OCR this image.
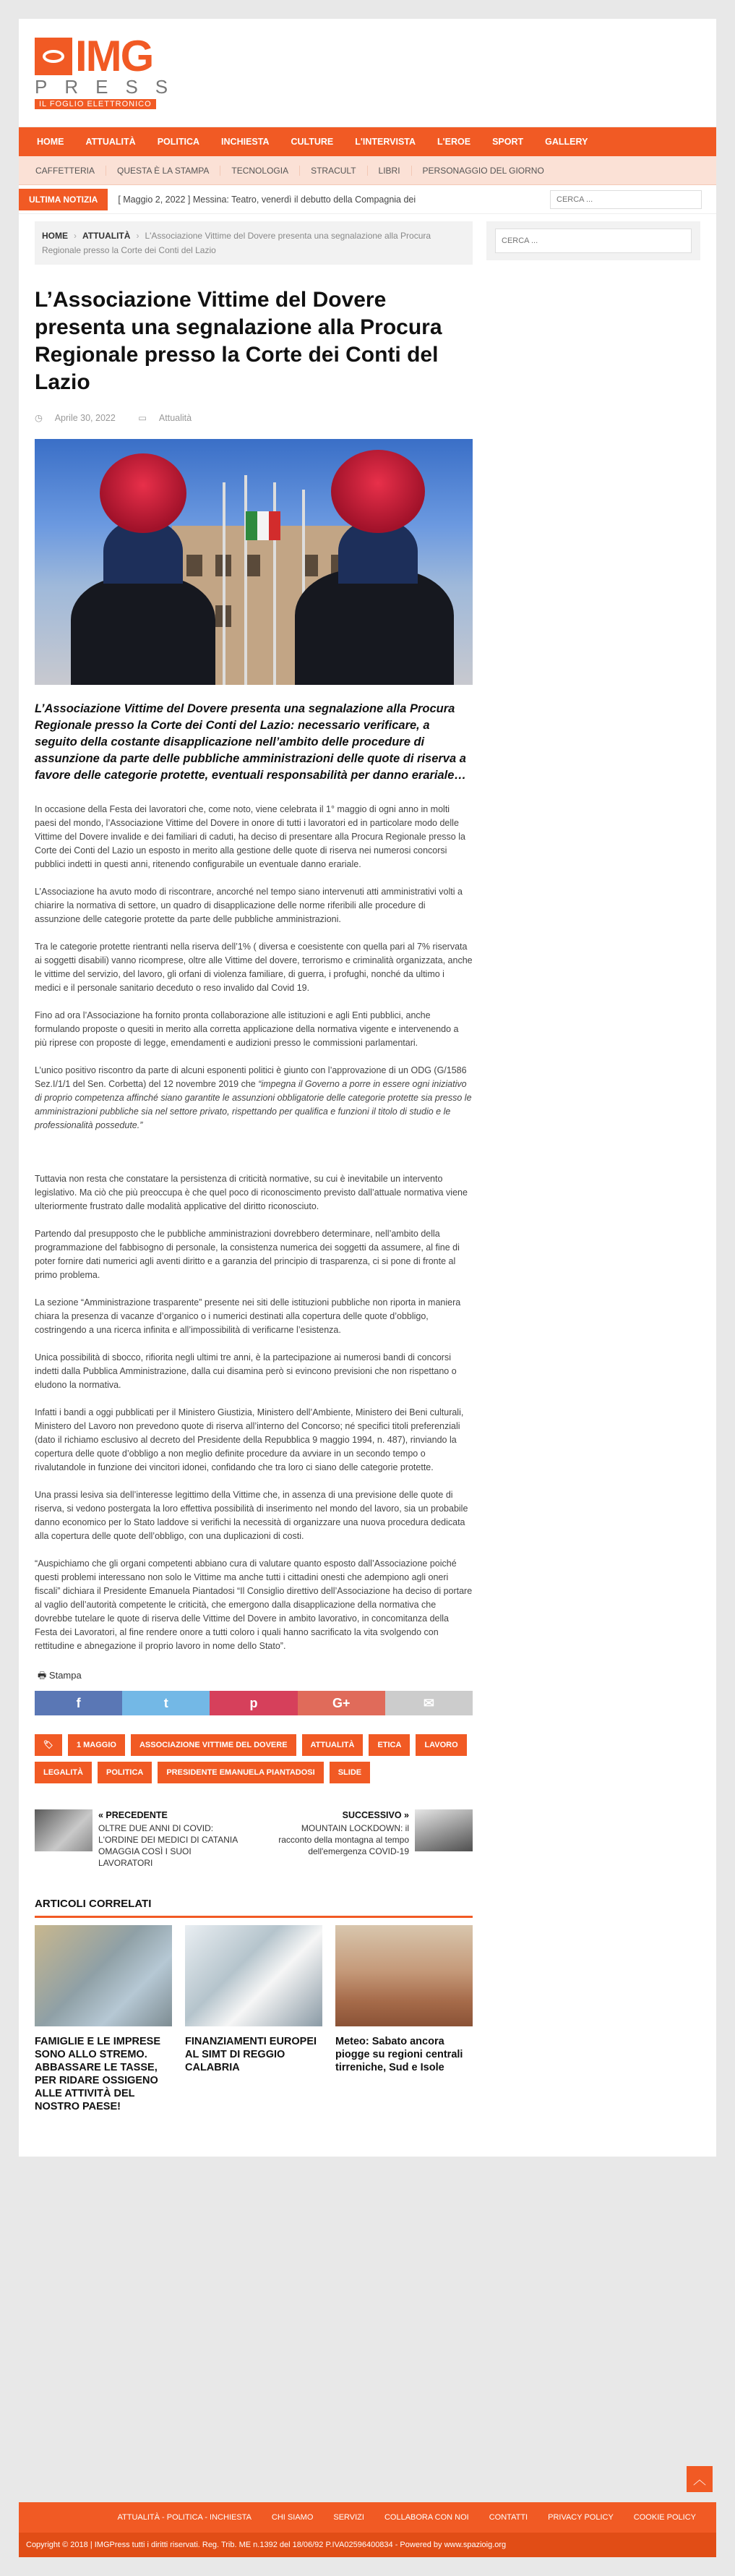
IMG
PRESS
IL FOGLIO ELETTRONICO
HOME	ATTUALITÀ	POLITICA	INCHIESTA	CULTURE	L'INTERVISTA	L'EROE	SPORT	GALLERY
CAFFETTERIA	QUESTA È LA STAMPA	TECNOLOGIA	STRACULT	LIBRI	PERSONAGGIO DEL GIORNO
ULTIMA NOTIZIA	[ Maggio 2, 2022 ] Messina: Teatro, venerdì il debutto della Compagnia dei
CERCA ...
HOME › ATTUALITÀ › L'Associazione Vittime del Dovere presenta una segnalazione alla Procura Regionale presso la Corte dei Conti del Lazio
L’Associazione Vittime del Dovere presenta una segnalazione alla Procura Regionale presso la Corte dei Conti del Lazio
◷ Aprile 30, 2022	▭ Attualità
L’Associazione Vittime del Dovere presenta una segnalazione alla Procura Regionale presso la Corte dei Conti del Lazio: necessario verificare, a seguito della costante disapplicazione nell’ambito delle procedure di assunzione da parte delle pubbliche amministrazioni delle quote di riserva a favore delle categorie protette, eventuali responsabilità per danno erariale…

In occasione della Festa dei lavoratori che, come noto, viene celebrata il 1° maggio di ogni anno in molti paesi del mondo, l’Associazione Vittime del Dovere in onore di tutti i lavoratori ed in particolare modo delle Vittime del Dovere invalide e dei familiari di caduti, ha deciso di presentare alla Procura Regionale presso la Corte dei Conti del Lazio un esposto in merito alla gestione delle quote di riserva nei numerosi concorsi pubblici indetti in questi anni, ritenendo configurabile un eventuale danno erariale.

L’Associazione ha avuto modo di riscontrare, ancorché nel tempo siano intervenuti atti amministrativi volti a chiarire la normativa di settore, un quadro di disapplicazione delle norme riferibili alle procedure di assunzione delle categorie protette da parte delle pubbliche amministrazioni.

Tra le categorie protette rientranti nella riserva dell’1% ( diversa e coesistente con quella pari al 7% riservata ai soggetti disabili) vanno ricomprese, oltre alle Vittime del dovere, terrorismo e criminalità organizzata, anche le vittime del servizio, del lavoro, gli orfani di violenza familiare, di guerra, i profughi, nonché da ultimo i medici e il personale sanitario deceduto o reso invalido dal Covid 19.

Fino ad ora l’Associazione ha fornito pronta collaborazione alle istituzioni e agli Enti pubblici, anche formulando proposte o quesiti in merito alla corretta applicazione della normativa vigente e intervenendo a più riprese con proposte di legge, emendamenti e audizioni presso le commissioni parlamentari.

L’unico positivo riscontro da parte di alcuni esponenti politici è giunto con l’approvazione di un ODG (G/1586 Sez.I/1/1 del Sen. Corbetta) del 12 novembre 2019 che “impegna il Governo a porre in essere ogni iniziativo di proprio competenza affinché siano garantite le assunzioni obbligatorie delle categorie protette sia presso le amministrazioni pubbliche sia nel settore privato, rispettando per qualifica e funzioni il titolo di studio e le professionalità possedute.”

Tuttavia non resta che constatare la persistenza di criticità normative, su cui è inevitabile un intervento legislativo. Ma ciò che più preoccupa è che quel poco di riconoscimento previsto dall’attuale normativa viene ulteriormente frustrato dalle modalità applicative del diritto riconosciuto.

Partendo dal presupposto che le pubbliche amministrazioni dovrebbero determinare, nell’ambito della programmazione del fabbisogno di personale, la consistenza numerica dei soggetti da assumere, al fine di poter fornire dati numerici agli aventi diritto e a garanzia del principio di trasparenza, ci si pone di fronte al primo problema.

La sezione “Amministrazione trasparente” presente nei siti delle istituzioni pubbliche non riporta in maniera chiara la presenza di vacanze d’organico o i numerici destinati alla copertura delle quote d’obbligo, costringendo a una ricerca infinita e all’impossibilità di verificarne l’esistenza.

Unica possibilità di sbocco, rifiorita negli ultimi tre anni, è la partecipazione ai numerosi bandi di concorsi indetti dalla Pubblica Amministrazione, dalla cui disamina però si evincono previsioni che non rispettano o eludono la normativa.

Infatti i bandi a oggi pubblicati per il Ministero Giustizia, Ministero dell’Ambiente, Ministero dei Beni culturali, Ministero del Lavoro non prevedono quote di riserva all’interno del Concorso; né specifici titoli preferenziali (dato il richiamo esclusivo al decreto del Presidente della Repubblica 9 maggio 1994, n. 487), rinviando la copertura delle quote d’obbligo a non meglio definite procedure da avviare in un secondo tempo o rivalutandole in funzione dei vincitori idonei, confidando che tra loro ci siano delle categorie protette.

Una prassi lesiva sia dell’interesse legittimo della Vittime che, in assenza di una previsione delle quote di riserva, si vedono postergata la loro effettiva possibilità di inserimento nel mondo del lavoro, sia un probabile danno economico per lo Stato laddove si verifichi la necessità di organizzare una nuova procedura dedicata alla copertura delle quote dell’obbligo, con una duplicazioni di costi.

“Auspichiamo che gli organi competenti abbiano cura di valutare quanto esposto dall’Associazione poiché questi problemi interessano non solo le Vittime ma anche tutti i cittadini onesti che adempiono agli oneri fiscali” dichiara il Presidente Emanuela Piantadosi “Il Consiglio direttivo dell’Associazione ha deciso di portare al vaglio dell’autorità competente le criticità, che emergono dalla disapplicazione della normativa che dovrebbe tutelare le quote di riserva delle Vittime del Dovere in ambito lavorativo, in concomitanza della Festa dei Lavoratori, al fine rendere onore a tutti coloro i quali hanno sacrificato la vita svolgendo con rettitudine e abnegazione il proprio lavoro in nome dello Stato”.

🖶 Stampa
f	t	p	G+	✉
🏷	1 MAGGIO	ASSOCIAZIONE VITTIME DEL DOVERE	ATTUALITÀ	ETICA	LAVORO
LEGALITÀ	POLITICA	PRESIDENTE EMANUELA PIANTADOSI	SLIDE
« PRECEDENTE
OLTRE DUE ANNI DI COVID: L'ORDINE DEI MEDICI DI CATANIA OMAGGIA COSÌ I SUOI LAVORATORI
SUCCESSIVO »
MOUNTAIN LOCKDOWN: il racconto della montagna al tempo dell'emergenza COVID-19
ARTICOLI CORRELATI
FAMIGLIE E LE IMPRESE SONO ALLO STREMO. ABBASSARE LE TASSE, PER RIDARE OSSIGENO ALLE ATTIVITÀ DEL NOSTRO PAESE!
FINANZIAMENTI EUROPEI AL SIMT DI REGGIO CALABRIA
Meteo: Sabato ancora piogge su regioni centrali tirreniche, Sud e Isole
CERCA ...
︿
ATTUALITÀ - POLITICA - INCHIESTA	CHI SIAMO	SERVIZI	COLLABORA CON NOI	CONTATTI	PRIVACY POLICY	COOKIE POLICY
Copyright © 2018 | IMGPress tutti i diritti riservati. Reg. Trib. ME n.1392 del 18/06/92 P.IVA02596400834 - Powered by www.spazioig.org
